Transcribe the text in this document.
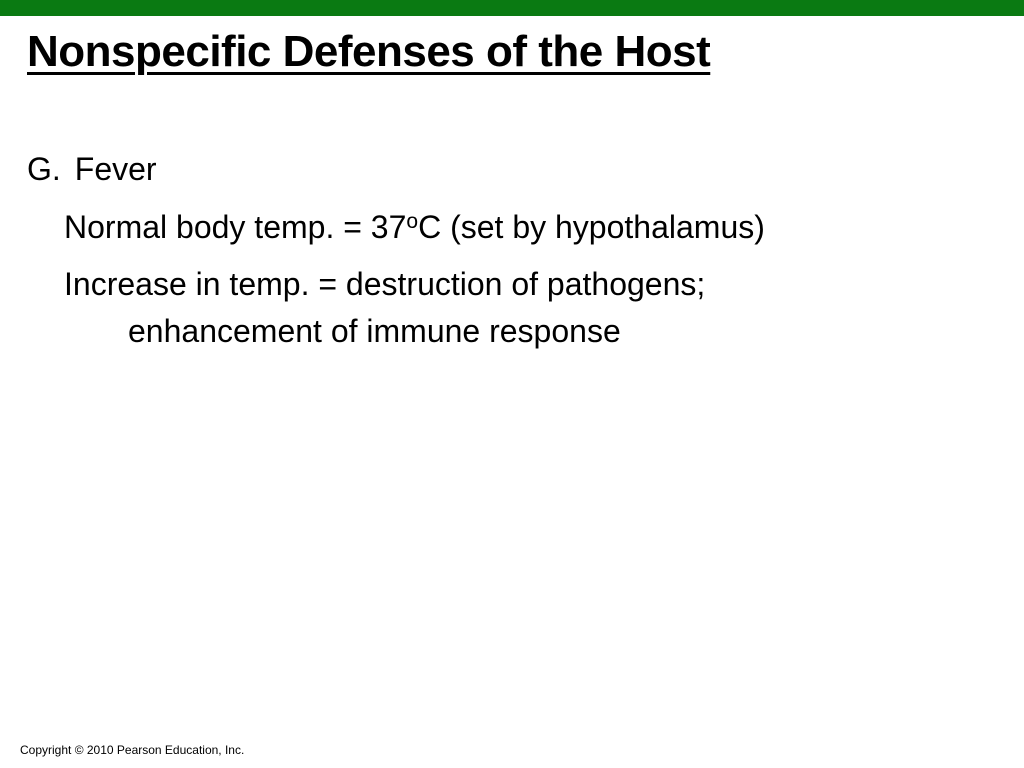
Nonspecific Defenses of the Host
G. Fever
Normal body temp. = $37^oC$ (set by hypothalamus)
Increase in temp. = destruction of pathogens;
enhancement of immune response
Copyright © 2010 Pearson Education, Inc.
